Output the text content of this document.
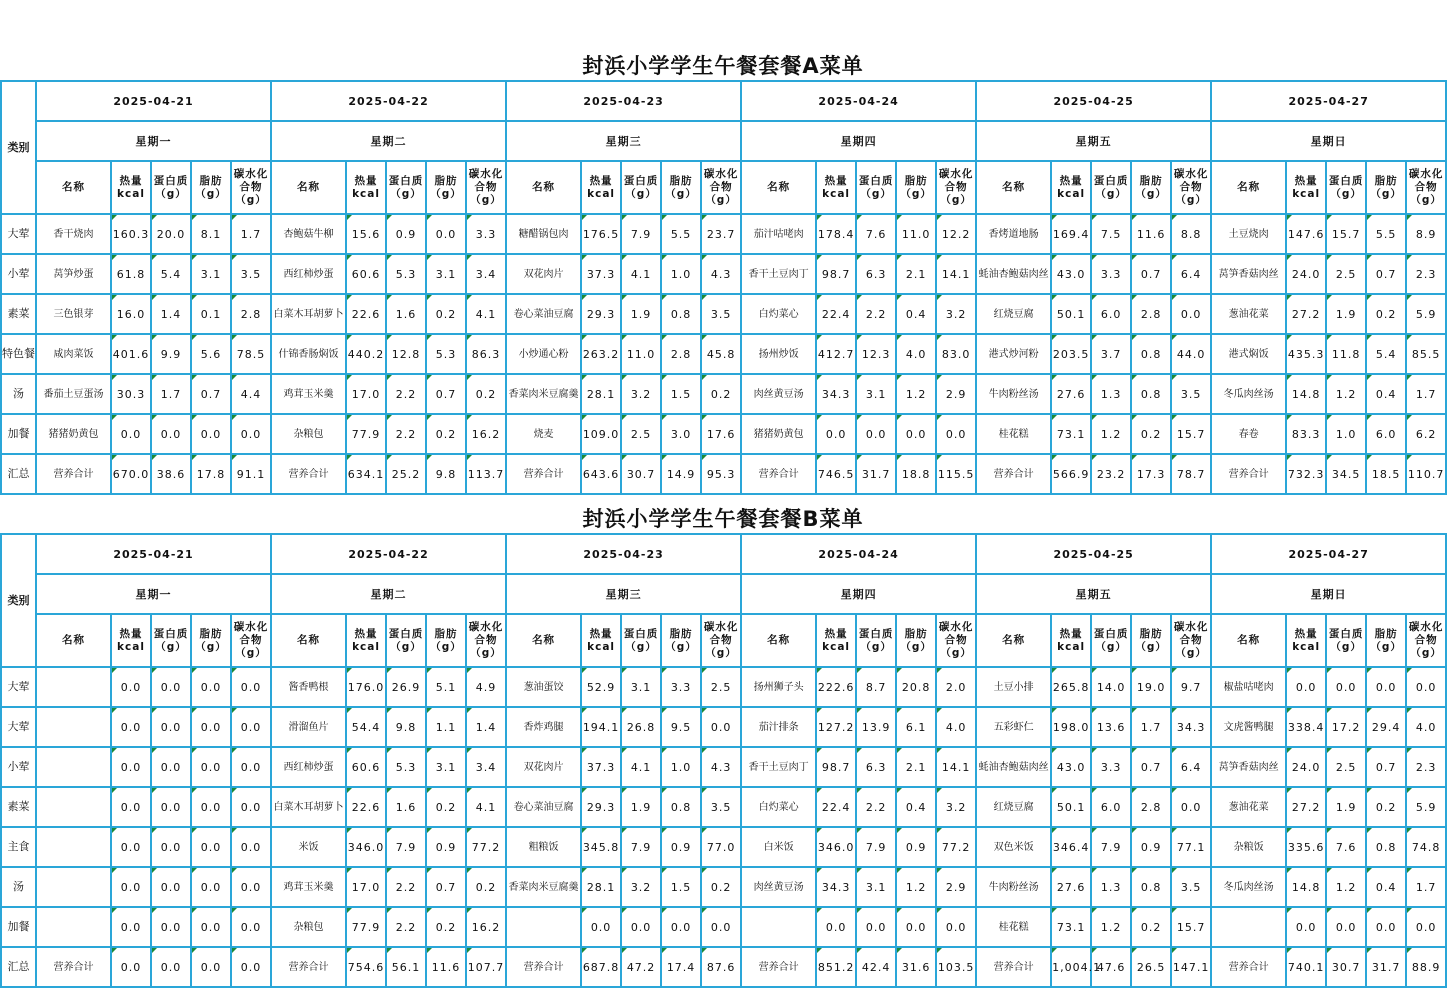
封浜小学学生午餐套餐A菜单
类别	2025-04-21					2025-04-22					2025-04-23					2025-04-24					2025-04-25					2025-04-27				
	星期一					星期二					星期三					星期四					星期五					星期日				
	名称	热量kcal	蛋白质（g）	脂肪（g）	碳水化合物（g）	名称	热量kcal	蛋白质（g）	脂肪（g）	碳水化合物（g）	名称	热量kcal	蛋白质（g）	脂肪（g）	碳水化合物（g）	名称	热量kcal	蛋白质（g）	脂肪（g）	碳水化合物（g）	名称	热量kcal	蛋白质（g）	脂肪（g）	碳水化合物（g）	名称	热量kcal	蛋白质（g）	脂肪（g）	碳水化合物（g）
大荤	香干烧肉	160.3	20.0	8.1	1.7	杏鲍菇牛柳	15.6	0.9	0.0	3.3	糖醋锅包肉	176.5	7.9	5.5	23.7	茄汁咕咾肉	178.4	7.6	11.0	12.2	香烤道地肠	169.4	7.5	11.6	8.8	土豆烧肉	147.6	15.7	5.5	8.9
小荤	莴笋炒蛋	61.8	5.4	3.1	3.5	西红柿炒蛋	60.6	5.3	3.1	3.4	双花肉片	37.3	4.1	1.0	4.3	香干土豆肉丁	98.7	6.3	2.1	14.1	蚝油杏鲍菇肉丝	43.0	3.3	0.7	6.4	莴笋香菇肉丝	24.0	2.5	0.7	2.3
素菜	三色银芽	16.0	1.4	0.1	2.8	白菜木耳胡萝卜	22.6	1.6	0.2	4.1	卷心菜油豆腐	29.3	1.9	0.8	3.5	白灼菜心	22.4	2.2	0.4	3.2	红烧豆腐	50.1	6.0	2.8	0.0	葱油花菜	27.2	1.9	0.2	5.9
特色餐	咸肉菜饭	401.6	9.9	5.6	78.5	什锦香肠焖饭	440.2	12.8	5.3	86.3	小炒通心粉	263.2	11.0	2.8	45.8	扬州炒饭	412.7	12.3	4.0	83.0	港式炒河粉	203.5	3.7	0.8	44.0	港式焖饭	435.3	11.8	5.4	85.5
汤	番茄土豆蛋汤	30.3	1.7	0.7	4.4	鸡茸玉米羹	17.0	2.2	0.7	0.2	香菜肉米豆腐羹	28.1	3.2	1.5	0.2	肉丝黄豆汤	34.3	3.1	1.2	2.9	牛肉粉丝汤	27.6	1.3	0.8	3.5	冬瓜肉丝汤	14.8	1.2	0.4	1.7
加餐	猪猪奶黄包	0.0	0.0	0.0	0.0	杂粮包	77.9	2.2	0.2	16.2	烧麦	109.0	2.5	3.0	17.6	猪猪奶黄包	0.0	0.0	0.0	0.0	桂花糕	73.1	1.2	0.2	15.7	春卷	83.3	1.0	6.0	6.2
汇总	营养合计	670.0	38.6	17.8	91.1	营养合计	634.1	25.2	9.8	113.7	营养合计	643.6	30.7	14.9	95.3	营养合计	746.5	31.7	18.8	115.5	营养合计	566.9	23.2	17.3	78.7	营养合计	732.3	34.5	18.5	110.7
封浜小学学生午餐套餐B菜单
类别	2025-04-21					2025-04-22					2025-04-23					2025-04-24					2025-04-25					2025-04-27				
	星期一					星期二					星期三					星期四					星期五					星期日				
	名称	热量kcal	蛋白质（g）	脂肪（g）	碳水化合物（g）	名称	热量kcal	蛋白质（g）	脂肪（g）	碳水化合物（g）	名称	热量kcal	蛋白质（g）	脂肪（g）	碳水化合物（g）	名称	热量kcal	蛋白质（g）	脂肪（g）	碳水化合物（g）	名称	热量kcal	蛋白质（g）	脂肪（g）	碳水化合物（g）	名称	热量kcal	蛋白质（g）	脂肪（g）	碳水化合物（g）
大荤		0.0	0.0	0.0	0.0	酱香鸭根	176.0	26.9	5.1	4.9	葱油蛋饺	52.9	3.1	3.3	2.5	扬州狮子头	222.6	8.7	20.8	2.0	土豆小排	265.8	14.0	19.0	9.7	椒盐咕咾肉	0.0	0.0	0.0	0.0
大荤		0.0	0.0	0.0	0.0	滑溜鱼片	54.4	9.8	1.1	1.4	香炸鸡腿	194.1	26.8	9.5	0.0	茄汁排条	127.2	13.9	6.1	4.0	五彩虾仁	198.0	13.6	1.7	34.3	文虎酱鸭腿	338.4	17.2	29.4	4.0
小荤		0.0	0.0	0.0	0.0	西红柿炒蛋	60.6	5.3	3.1	3.4	双花肉片	37.3	4.1	1.0	4.3	香干土豆肉丁	98.7	6.3	2.1	14.1	蚝油杏鲍菇肉丝	43.0	3.3	0.7	6.4	莴笋香菇肉丝	24.0	2.5	0.7	2.3
素菜		0.0	0.0	0.0	0.0	白菜木耳胡萝卜	22.6	1.6	0.2	4.1	卷心菜油豆腐	29.3	1.9	0.8	3.5	白灼菜心	22.4	2.2	0.4	3.2	红烧豆腐	50.1	6.0	2.8	0.0	葱油花菜	27.2	1.9	0.2	5.9
主食		0.0	0.0	0.0	0.0	米饭	346.0	7.9	0.9	77.2	粗粮饭	345.8	7.9	0.9	77.0	白米饭	346.0	7.9	0.9	77.2	双色米饭	346.4	7.9	0.9	77.1	杂粮饭	335.6	7.6	0.8	74.8
汤		0.0	0.0	0.0	0.0	鸡茸玉米羹	17.0	2.2	0.7	0.2	香菜肉米豆腐羹	28.1	3.2	1.5	0.2	肉丝黄豆汤	34.3	3.1	1.2	2.9	牛肉粉丝汤	27.6	1.3	0.8	3.5	冬瓜肉丝汤	14.8	1.2	0.4	1.7
加餐		0.0	0.0	0.0	0.0	杂粮包	77.9	2.2	0.2	16.2		0.0	0.0	0.0	0.0		0.0	0.0	0.0	0.0	桂花糕	73.1	1.2	0.2	15.7		0.0	0.0	0.0	0.0
汇总	营养合计	0.0	0.0	0.0	0.0	营养合计	754.6	56.1	11.6	107.7	营养合计	687.8	47.2	17.4	87.6	营养合计	851.2	42.4	31.6	103.5	营养合计	1,004.1	47.6	26.5	147.1	营养合计	740.1	30.7	31.7	88.9
